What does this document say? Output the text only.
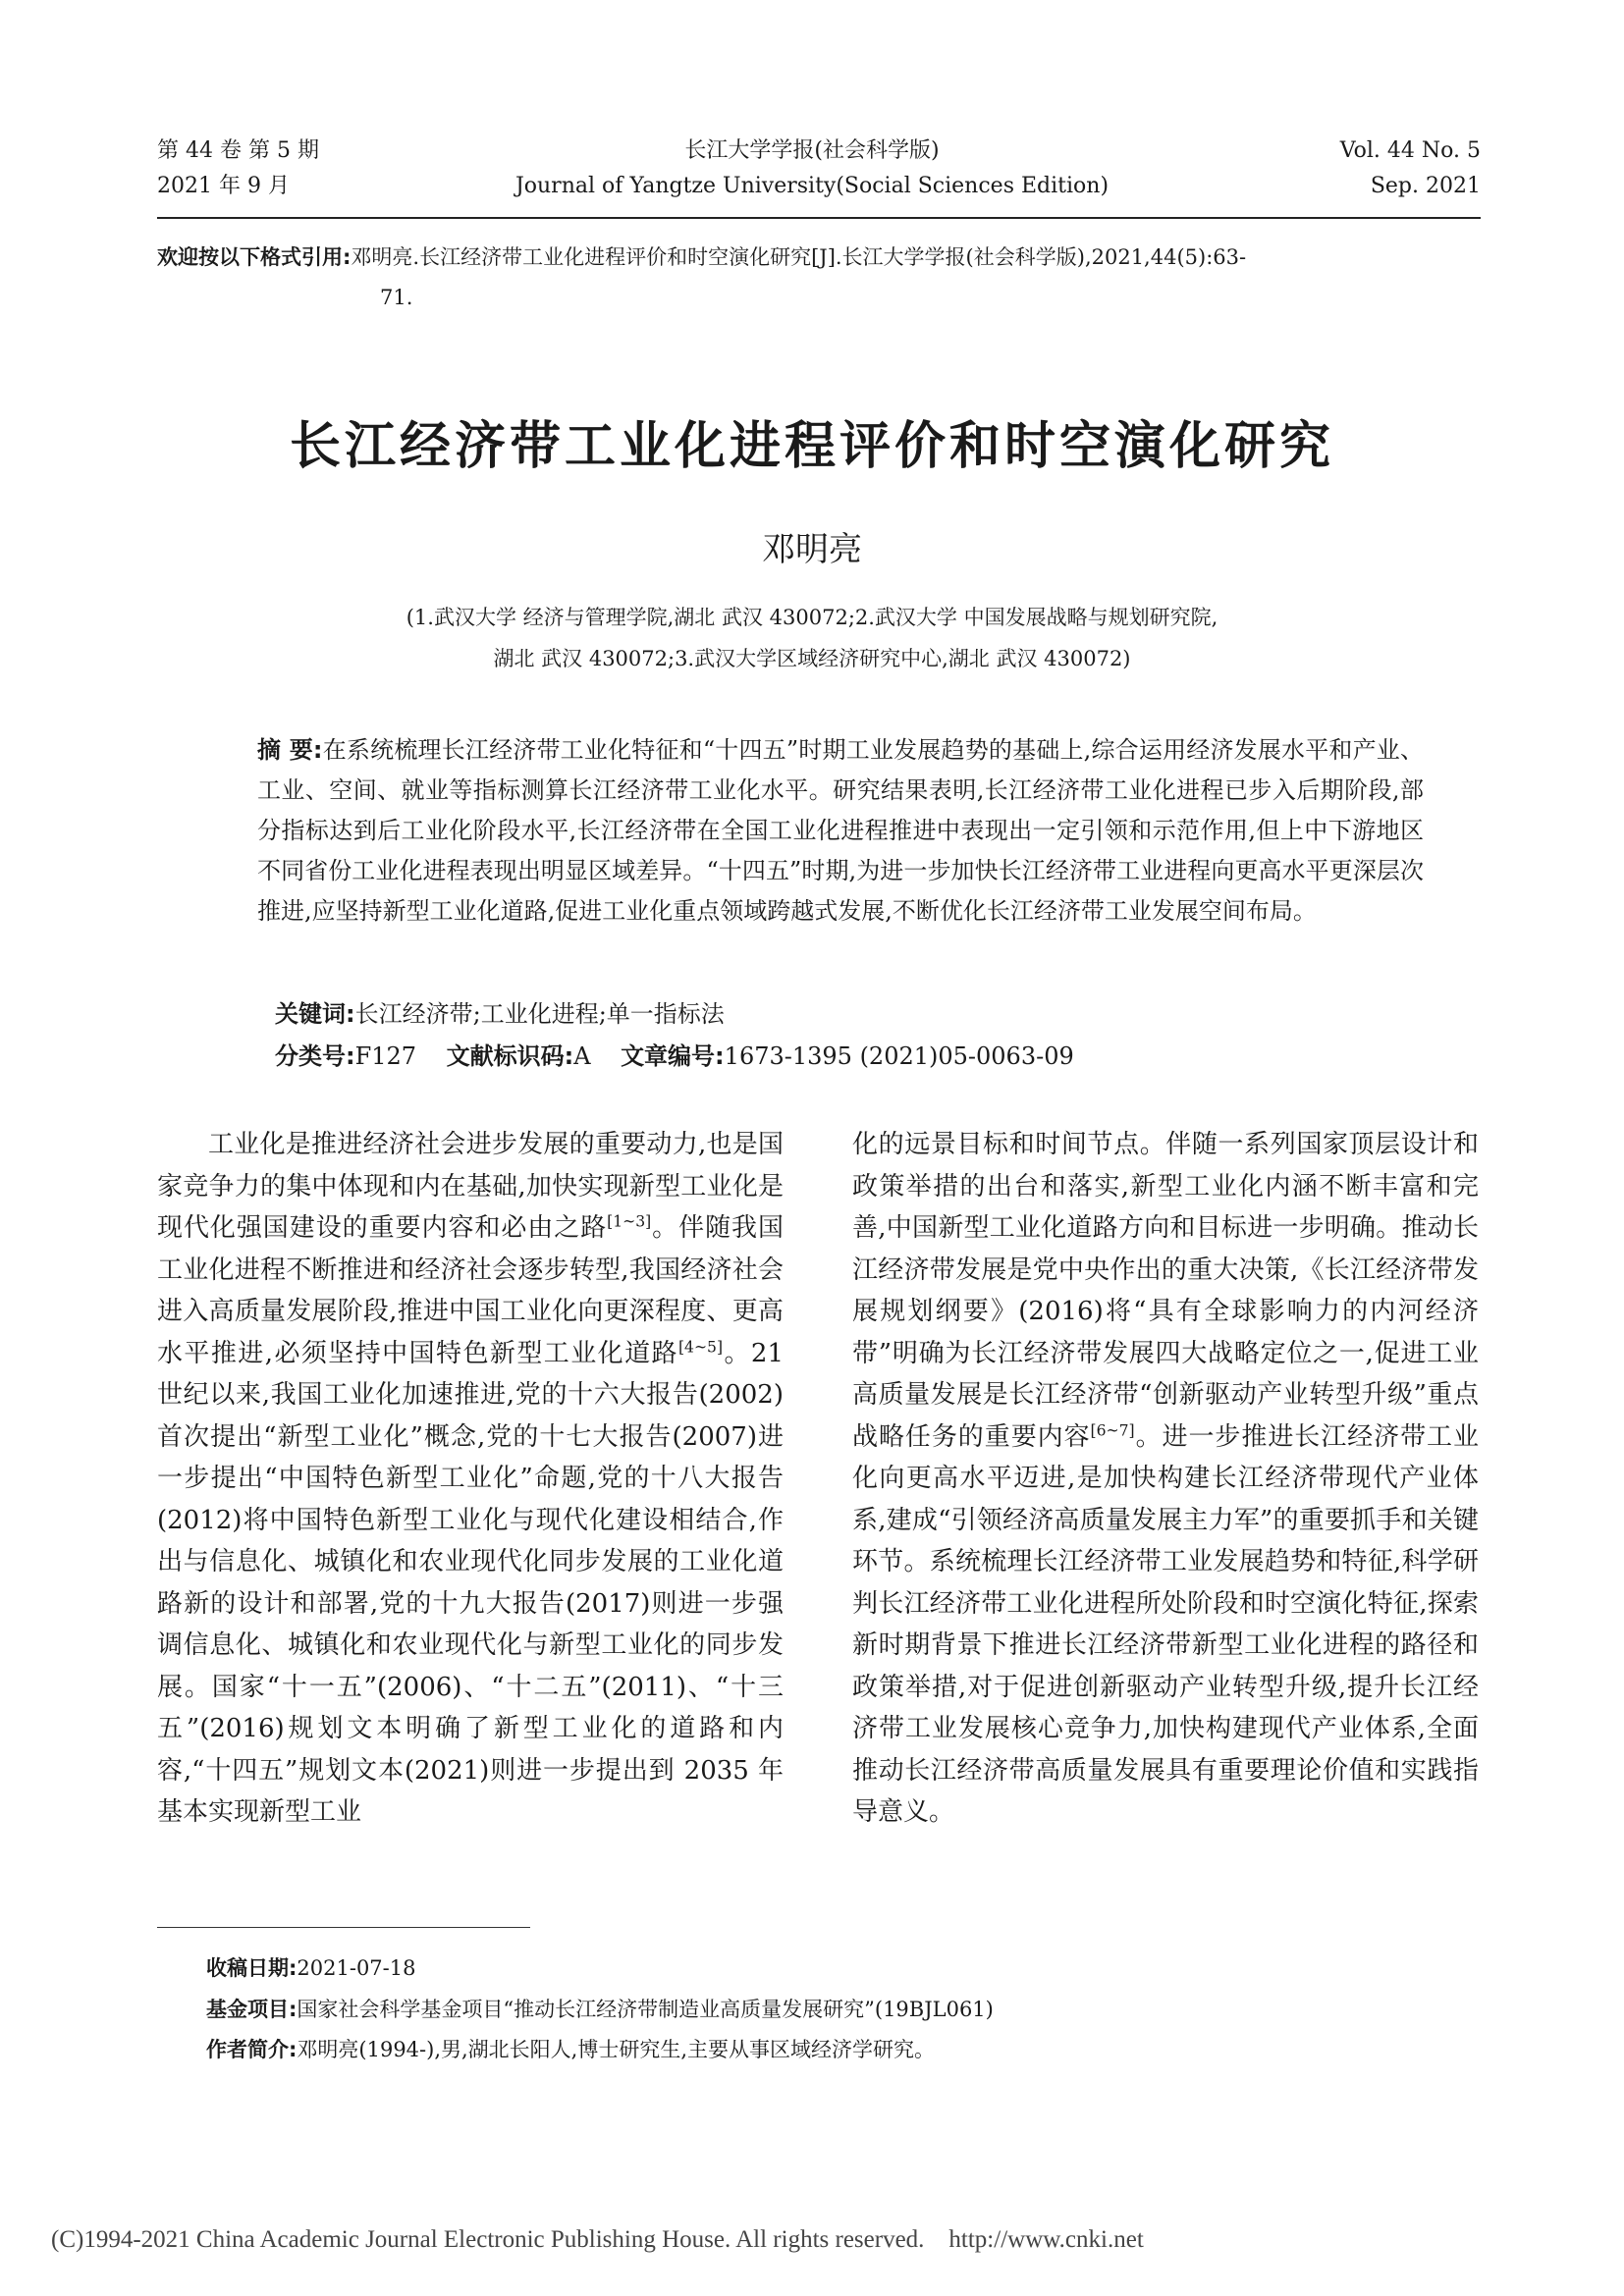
第 44 卷 第 5 期
2021 年 9 月
长江大学学报(社会科学版)
Journal of Yangtze University(Social Sciences Edition)
Vol. 44 No. 5
Sep. 2021
欢迎按以下格式引用:邓明亮.长江经济带工业化进程评价和时空演化研究[J].长江大学学报(社会科学版),2021,44(5):63-
71.
长江经济带工业化进程评价和时空演化研究
邓明亮
(1.武汉大学 经济与管理学院,湖北 武汉 430072;2.武汉大学 中国发展战略与规划研究院,
湖北 武汉 430072;3.武汉大学区域经济研究中心,湖北 武汉 430072)
摘 要:在系统梳理长江经济带工业化特征和“十四五”时期工业发展趋势的基础上,综合运用经济发展水平和产业、工业、空间、就业等指标测算长江经济带工业化水平。研究结果表明,长江经济带工业化进程已步入后期阶段,部分指标达到后工业化阶段水平,长江经济带在全国工业化进程推进中表现出一定引领和示范作用,但上中下游地区不同省份工业化进程表现出明显区域差异。“十四五”时期,为进一步加快长江经济带工业进程向更高水平更深层次推进,应坚持新型工业化道路,促进工业化重点领域跨越式发展,不断优化长江经济带工业发展空间布局。
关键词:长江经济带;工业化进程;单一指标法
分类号:F127 文献标识码:A 文章编号:1673-1395 (2021)05-0063-09
工业化是推进经济社会进步发展的重要动力,也是国家竞争力的集中体现和内在基础,加快实现新型工业化是现代化强国建设的重要内容和必由之路[1~3]。伴随我国工业化进程不断推进和经济社会逐步转型,我国经济社会进入高质量发展阶段,推进中国工业化向更深程度、更高水平推进,必须坚持中国特色新型工业化道路[4~5]。21 世纪以来,我国工业化加速推进,党的十六大报告(2002)首次提出“新型工业化”概念,党的十七大报告(2007)进一步提出“中国特色新型工业化”命题,党的十八大报告(2012)将中国特色新型工业化与现代化建设相结合,作出与信息化、城镇化和农业现代化同步发展的工业化道路新的设计和部署,党的十九大报告(2017)则进一步强调信息化、城镇化和农业现代化与新型工业化的同步发展。国家“十一五”(2006)、“十二五”(2011)、“十三五”(2016)规划文本明确了新型工业化的道路和内容,“十四五”规划文本(2021)则进一步提出到 2035 年基本实现新型工业
化的远景目标和时间节点。伴随一系列国家顶层设计和政策举措的出台和落实,新型工业化内涵不断丰富和完善,中国新型工业化道路方向和目标进一步明确。推动长江经济带发展是党中央作出的重大决策,《长江经济带发展规划纲要》(2016)将“具有全球影响力的内河经济带”明确为长江经济带发展四大战略定位之一,促进工业高质量发展是长江经济带“创新驱动产业转型升级”重点战略任务的重要内容[6~7]。进一步推进长江经济带工业化向更高水平迈进,是加快构建长江经济带现代产业体系,建成“引领经济高质量发展主力军”的重要抓手和关键环节。系统梳理长江经济带工业发展趋势和特征,科学研判长江经济带工业化进程所处阶段和时空演化特征,探索新时期背景下推进长江经济带新型工业化进程的路径和政策举措,对于促进创新驱动产业转型升级,提升长江经济带工业发展核心竞争力,加快构建现代产业体系,全面推动长江经济带高质量发展具有重要理论价值和实践指导意义。
收稿日期:2021-07-18
基金项目:国家社会科学基金项目“推动长江经济带制造业高质量发展研究”(19BJL061)
作者简介:邓明亮(1994-),男,湖北长阳人,博士研究生,主要从事区域经济学研究。
(C)1994-2021 China Academic Journal Electronic Publishing House. All rights reserved.    http://www.cnki.net
